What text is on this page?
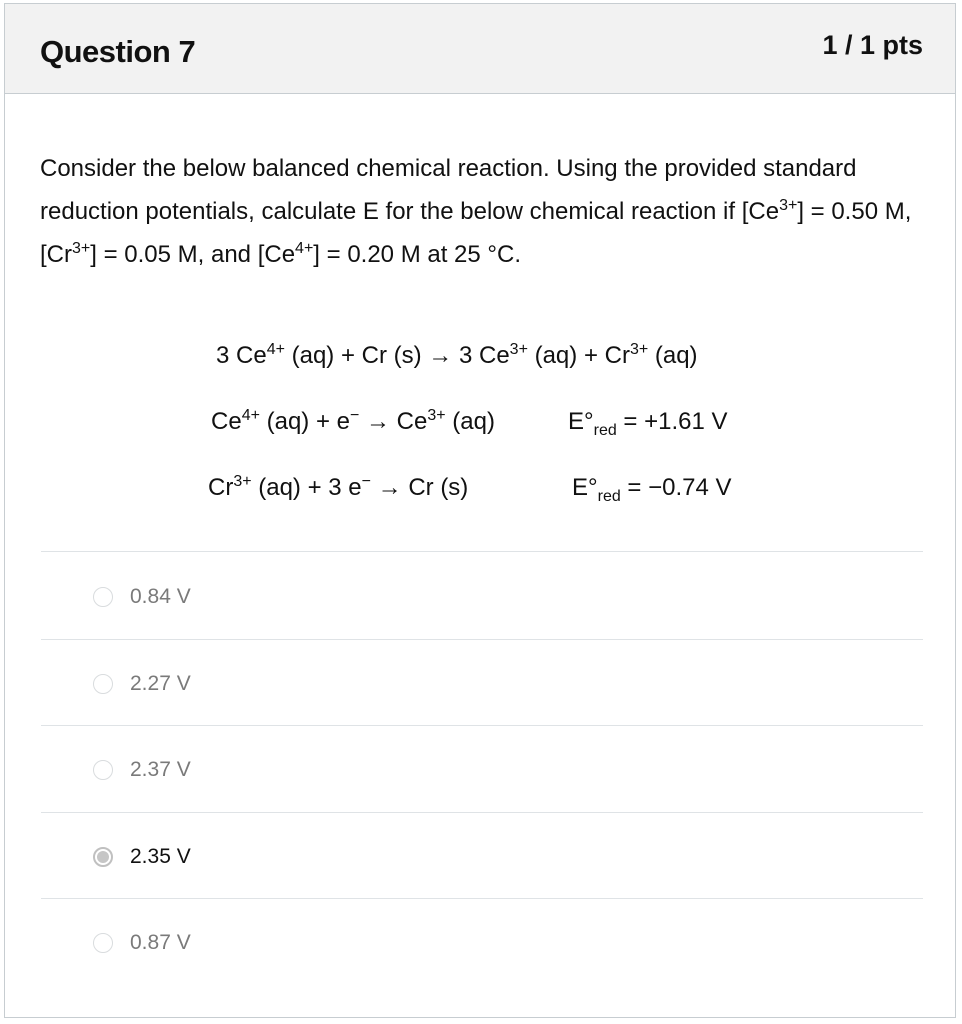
Question 7	1 / 1 pts
Consider the below balanced chemical reaction. Using the provided standard reduction potentials, calculate E for the below chemical reaction if $[Ce^{3+}] = 0.50$ M, $[Cr^{3+}] = 0.05$ M, and $[Ce^{4+}] = 0.20$ M at 25 °C.
3 $Ce^{4+}$ (aq) + Cr (s) → 3 $Ce^{3+}$ $(aq) + Cr^{3+}$ (aq)
$Ce^{4+}$ $(aq) + e^- \to Ce^{3+}$ (aq)	$E^\circ_{red} = +1.61$ V
$Cr^{3+}$ (aq) + 3 e− → Cr (s)	$E^\circ_{red} = -0.74$ V
0.84 V
2.27 V
2.37 V
2.35 V
0.87 V
